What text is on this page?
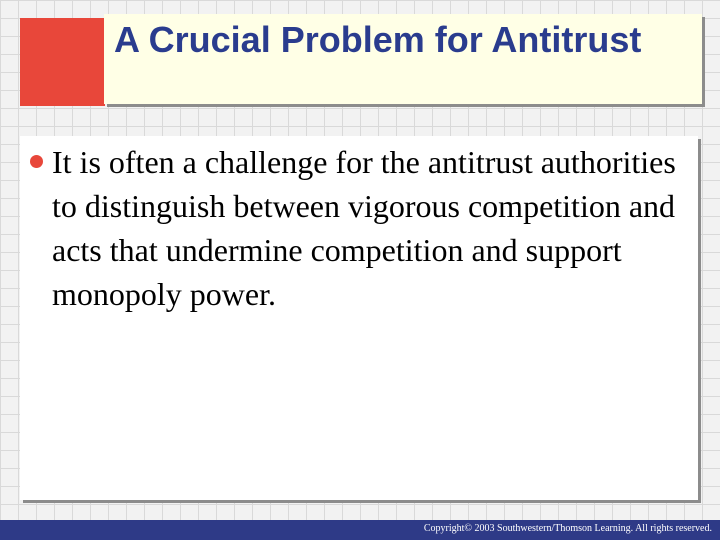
A Crucial Problem for Antitrust

It is often a challenge for the antitrust authorities to distinguish between vigorous competition and acts that undermine competition and support monopoly power.

Copyright© 2003 Southwestern/Thomson Learning. All rights reserved.
